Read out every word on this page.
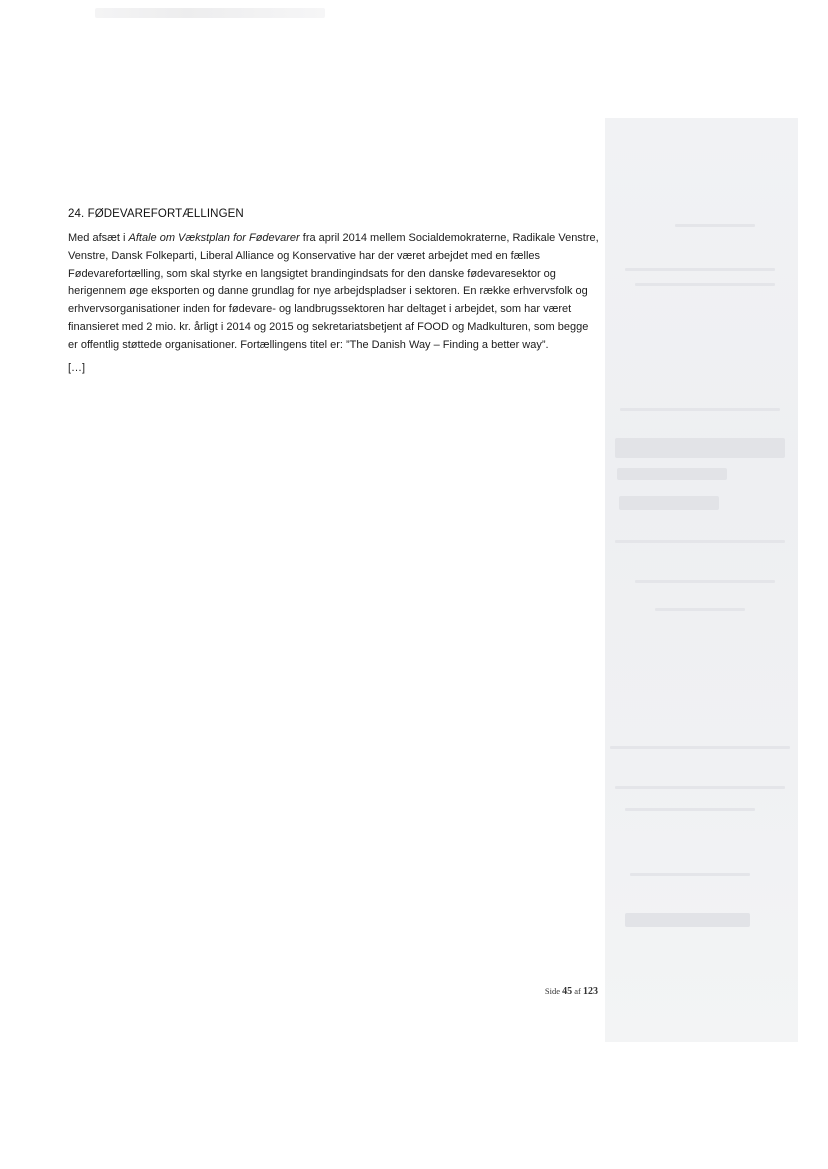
24. FØDEVAREFORTÆLLINGEN

Med afsæt i Aftale om Vækstplan for Fødevarer fra april 2014 mellem Socialdemokraterne, Radikale Venstre, Venstre, Dansk Folkeparti, Liberal Alliance og Konservative har der været arbejdet med en fælles Fødevarefortælling, som skal styrke en langsigtet brandingindsats for den danske fødevaresektor og herigennem øge eksporten og danne grundlag for nye arbejdspladser i sektoren. En række erhvervsfolk og erhvervsorganisationer inden for fødevare- og landbrugssektoren har deltaget i arbejdet, som har været finansieret med 2 mio. kr. årligt i 2014 og 2015 og sekretariatsbetjent af FOOD og Madkulturen, som begge er offentlig støttede organisationer. Fortællingens titel er: ”The Danish Way – Finding a better way”.

[…]

Side 45 af 123
